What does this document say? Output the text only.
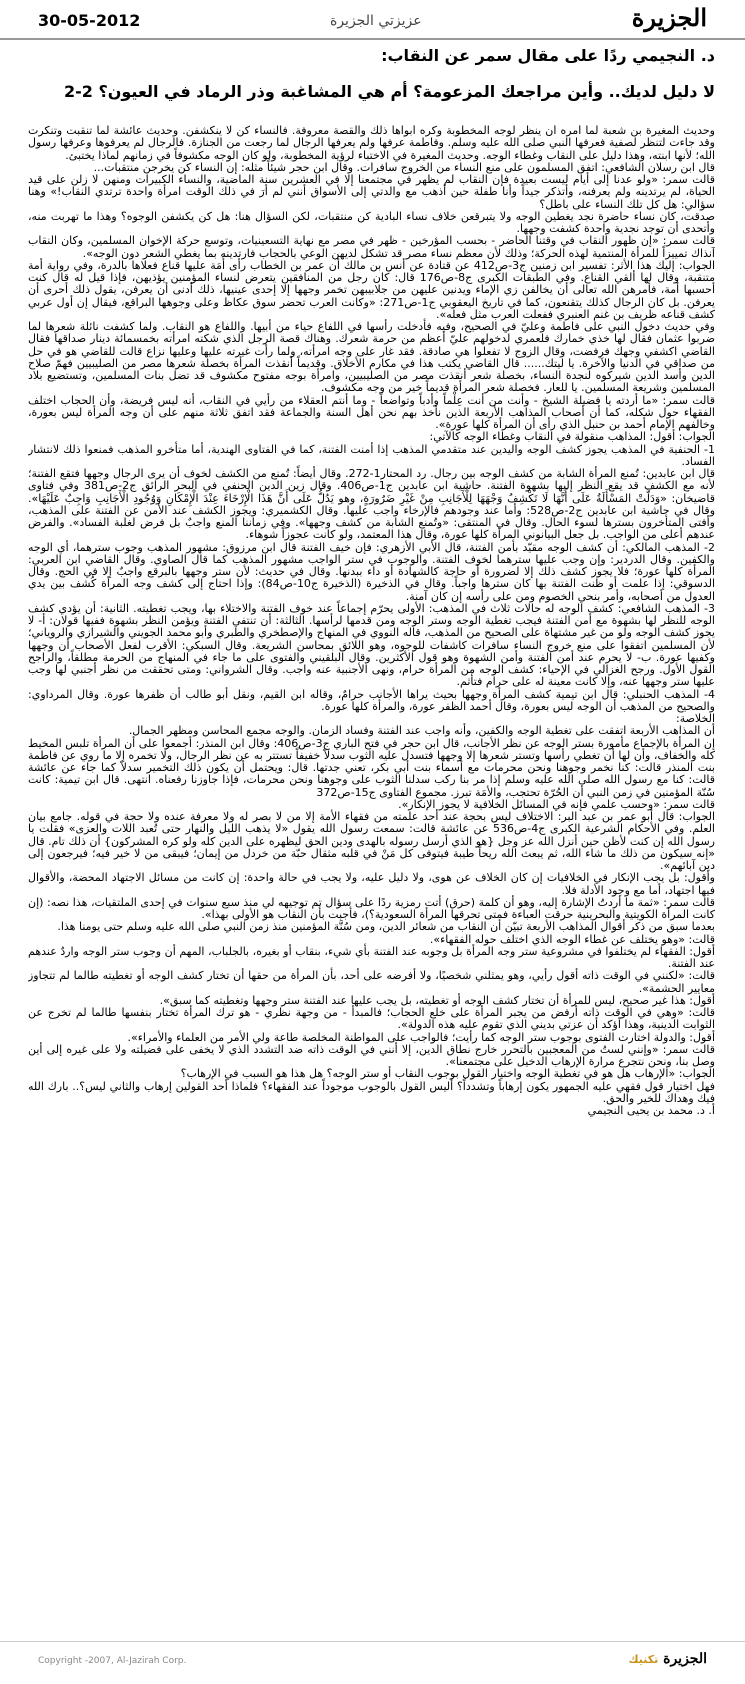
30-05-2012	عزيزتي الجزيرة	الجزيرة
د. النجيمي ردًا على مقال سمر عن النقاب:
لا دليل لديك.. وأين مراجعك المزعومة؟ أم هي المشاغبة وذر الرماد في العيون؟ 2-2

وحديث المغيرة بن شعبة لما أمره أن ينظر لوجه المخطوبة وكره أبواها ذلك والقصة معروفة. فالنساء كن لا ينكشفن. وحديث عائشة لما تنقبت وتنكرت وقد جاءت لتنظر لصفية فعرفها النبي صلى الله عليه وسلم. وفاطمة عرفها ولم يعرفها الرجال لما رجعت من الجنازة. فالرجال لم يعرفوها وعرفها رسول الله؛ لأنها ابنته، وهذا دليل على النقاب وغطاء الوجه. وحديث المغيرة في الاختباء لرؤية المخطوبة، ولو كان الوجه مكشوفاً في زمانهم لماذا يختبئ.

قال ابن رسلان الشافعي: اتفق المسلمون على منع النساء من الخروج سافرات. وقال ابن حجر شيئاً مثله: إن النساء كن يخرجن منتقبات...

قالت سمر: «ولو عدنا إلى أيام ليست بعيدة فإن النقاب لم يظهر في مجتمعنا إلا في العشرين سنة الماضية، والنساء الكبيرات ومنهن لا زلن على قيد الحياة، لم يرتدينه ولم يعرفنه، وأتذكر جيداً وأنا طفلة حين أذهب مع والدتي إلى الأسواق أنني لم أرَ في ذلك الوقت امرأة واحدة ترتدي النقاب!» وهنا سؤالي: هل كل تلك النساء على باطل؟

صدقت، كان نساء حاضرة نجد يغطين الوجه ولا يتبرقعن خلاف نساء البادية كن منتقبات، لكن السؤال هنا: هل كن يكشفن الوجوه؟ وهذا ما تهربت منه، وأتحدى أن توجد نجدية واحدة كشفت وجهها.

قالت سمر: «إن ظهور النقاب في وقتنا الحاضر - بحسب المؤرخين - ظهر في مصر مع نهاية التسعينيات، وتوسع حركة الإخوان المسلمين، وكان النقاب آنذاك تمييزاً للمرأة المنتمية لهذه الحركة؛ وذلك لأن معظم نساء مصر قد تشكل لديهن الوعي بالحجاب فارتدينه بما يغطي الشعر دون الوجه».

الجواب: إليك هذا الأثر: تفسير ابن زمنين ج3-ص412 عن قتادة عن أنس بن مالك أن عمر بن الخطاب رأى أَمَة عليها قناع فعلاها بالدرة، وفي رواية أمة متنقبة، وقال لها ألقي القناع. وفي الطبقات الكبرى ج8-ص176 قال: كان رجل من المنافقين يتعرض لنساء المؤمنين يؤذيهن، فإذا قيل له قال كنت أحسبها أمة، فأمرهن الله تعالى أن يخالفن زي الإماء ويدنين عليهن من جلابيبهن تخمر وجهها إلا إحدى عينيها، ذلك أدنى أن يعرفن، يقول ذلك أحرى أن يعرفن. بل كان الرجال كذلك يتقنعون، كما في تاريخ اليعقوبي ج1-ص271: «وكانت العرب تحضر سوق عكاظ وعلى وجوهها البراقع، فيقال إن أول عربي كشف قناعه ظريف بن غنم العنبري ففعلت العرب مثل فعله».

وفي حديث دخول النبي على فاطمة وعليّ في الصحيح، وفيه فأدخلت رأسها في اللفاع حياء من أبيها. واللفاع هو النقاب. ولما كشفت نائلة شعرها لما ضربوا عثمان فقال لها خذي خمارك فلعمري لدخولهم عليّ أعظم من حرمة شعرك. وهناك قصة الرجل الذي شكته امرأته بخمسمائة دينار صداقها فقال القاضي اكشفي وجهك فرفضت، وقال الزوج لا تفعلوا هي صادقة. فقد غار على وجه امرأته، ولما رأت غيرته عليها وعليها نزاع قالت للقاضي هو في حل من صداقي في الدنيا والآخرة. يا ليتك...... قال القاضي يكتب هذا في مكارم الأخلاق. وقديماً أنقذت المرأة بخصلة شعرها مصر من الصليبيين فهمّ صلاح الدين وأسد الدين شيركوه لنجدة النساء، بخصلة شعر أنقذت مصر من الصليبيين، وامرأة بوجه مفتوح مكشوف قد تضل بنات المسلمين، وتستضيع بلاد المسلمين وشريعة المسلمين. يا للعار. فخصلة شعر المرأة قديماً خير من وجه مكشوف.

قالت سمر: «ما أردته يا فضيلة الشيخ - وأنت من أنت عِلْماً وأدباً وتواضعاً - وما أنتم العقلاء من رأيي في النقاب، أنه ليس فريضة، وأن الحجاب اختلف الفقهاء حول شكله، كما أن أصحاب المذاهب الأربعة الذين نأخذ بهم نحن أهل السنة والجماعة فقد اتفق ثلاثة منهم على أن وجه المرأة ليس بعورة، وخالفهم الإمام أحمد بن حنبل الذي رأى أن المرأة كلها عورة».

الجواب: أقول: المذاهب منقولة في النقاب وغطاء الوجه كالآتي:

1- الحنفية في المذهب يجوز كشف الوجه واليدين عند متقدمي المذهب إذا أمنت الفتنة، كما في الفتاوى الهندية، أما متأخرو المذهب فمنعوا ذلك لانتشار الفساد.

قال ابن عابدين: تُمنع المرأة الشابة من كشف الوجه بين رجال. رد المحتار1-272. وقال أيضاً: تُمنع من الكشف لخوف أن يرى الرجال وجهها فتقع الفتنة؛ لأنه مع الكشف قد يقع النظر إليها بشهوة الفتنة. حاشية ابن عابدين ج1-ص406. وقال زين الدين الحنفي في البحر الرائق ج2-ص381 وفي فتاوى قاضيخان: «وَدَلَّتْ المَسْأَلَةُ عَلَى أَنَّهَا لَا تَكْشِفُ وَجْهَهَا لِلْأَجَانِبِ مِنْ غَيْرِ ضَرُورَةٍ، وهو يَدُلُّ عَلَى أَنَّ هَذَا الْإِرْخَاءَ عِنْدَ الْإِمْكَانِ وَوُجُودِ الْأَجَانِبِ وَاجِبٌ عَلَيْهَا». وقال في حاشية ابن عابدين ج2-ص528: وأما عند وجودهم فالإرخاء واجب عليها. وقال الكشميري: ويجوز الكشف عند الأمن عن الفتنة على المذهب، وأفتى المتأخرون بسترها لسوء الحال. وقال في المنتقى: «وتُمنع الشابة من كشف وجهها». وفي زماننا المنع واجبٌ بل فرض لغلبة الفساد». والفرض عندهم أعلى من الواجب. بل جعل البيانوني المرأة كلها عورة، وقال هذا المعتمد، ولو كانت عجوزاً شوهاء.

2- المذهب المالكي: أن كشف الوجه مقيّد بأمن الفتنة، قال الأبي الأزهري: فإن خيف الفتنة قال ابن مرزوق: مشهور المذهب وجوب سترهما، أي الوجه والكفين. وقال الدردير: وإن وجب عليها سترهما لخوف الفتنة. والوجوب في ستر الواجب مشهور المذهب كما قال الصاوي. وقال القاضي ابن العربي: المرأة كلها عورة؛ فلا يجوز كشف ذلك إلا لضرورة أو حاجة كالشهادة أو داء ببدنها. وقال في حديث: لأن ستر وجهها بالبرقع واجبٌ إلا في الحج. وقال الدسوقي: إذا علمت أو ظنت الفتنة بها كان سترها واجباً. وقال في الذخيرة (الذخيرة ج10-ص84): وإذا احتاج إلى كشف وجه المرأة كُشف بين يدي العدول من أصحابه، وأمر بنحي الخصوم ومن على رأسه إن كان آمنة.

3- المذهب الشافعي: كشف الوجه له حالات ثلاث في المذهب: الأولى يحرّم إجماعاً عند خوف الفتنة والاختلاء بها، ويجب تغطيته. الثانية: أن يؤدي كشف الوجه للنظر لها بشهوة مع أمن الفتنة فيجب تغطية الوجه وستر الوجه ومن قدمها لرأسها. الثالثة: أن تنتفي الفتنة ويؤمن النظر بشهوة ففيها قولان: أ- لا يجوز كشف الوجه ولو من غير مشتهاة على الصحيح من المذهب، قاله النووي في المنهاج والإصطخري والطبري وأبو محمد الجويني والشيرازي والروياني؛ لأن المسلمين اتفقوا على منع خروج النساء سافرات كاشفات للوجوه، وهو اللائق بمحاسن الشريعة. وقال السبكي: الأقرب لفعل الأصحاب أن وجهها وكفيها عورة. ب- لا يحرم عند أمن الفتنة وأمن الشهوة وهو قول الأكثرين. وقال البلقيني والفتوى على ما جاء في المنهاج من الحرمة مطلقاً، والراجح القول الأول. ورجح الغزالي في الإحياء: كشف الوجه من المرأة حرام، ونهى الأجنبية عنه واجب. وقال الشرواني: ومتى تحققت من نظر أجنبي لها وجب عليها ستر وجهها عنه، وإلا كانت معينة له على حرام فتأثم.

4- المذهب الحنبلي: قال ابن تيمية كشف المرأة وجهها بحيث يراها الأجانب حرامٌ، وقاله ابن القيم، ونقل أبو طالب أن ظفرها عورة. وقال المرداوي: والصحيح من المذهب أن الوجه ليس بعورة، وقال أحمد الظفر عورة، والمرأة كلها عورة.

الخلاصة:

أن المذاهب الأربعة اتفقت على تغطية الوجه والكفين، وأنه واجب عند الفتنة وفساد الزمان. والوجه مجمع المحاسن ومظهر الجمال.

إن المرأة بالإجماع مأمورة بستر الوجه عن نظر الأجانب، قال ابن حجر في فتح الباري ج3-ص406: وقال ابن المنذر: أجمعوا على أن المرأة تلبس المخيط كله والخفاف، وأن لها أن تغطي رأسها وتستر شعرها إلا وجهها فتسدل عليه الثوب سدلاً خفيفاً تستتر به عن نظر الرجال، ولا تخمره إلا ما روي عن فاطمة بنت المنذر قالت: كنا نخمر وجوهنا ونحن محرمات مع أسماء بنت أبي بكر، تعني جدتها. قال: ويحتمل أن يكون ذلك التخمير سدلاً كما جاء عن عائشة قالت: كنا مع رسول الله صلى الله عليه وسلم إذا مر بنا ركب سدلنا الثوب على وجوهنا ونحن محرمات، فإذا جاوزنا رفعناه. انتهى. قال ابن تيمية: كانت سُنّة المؤمنين في زمن النبي أن الحُرّة تحتجب، والأمَة تبرز. مجموع الفتاوى ج15-ص372

قالت سمر: «وحسب علمي فإنه في المسائل الخلافية لا يجوز الإنكار».

الجواب: قال أبو عمر بن عبد البر: الاختلاف ليس بحجة عند أحد علمته من فقهاء الأمة إلا من لا بصر له ولا معرفة عنده ولا حجة في قوله. جامع بيان العلم. وفي الأحكام الشرعية الكبرى ج4-ص536 عن عائشة قالت: سمعت رسول الله يقول «لا يذهب الليل والنهار حتى تُعبد اللات والعزى» فقلت يا رسول الله إن كنت لأظن حين أنزل الله عز وجل {هو الذي أرسل رسوله بالهدى ودين الحق ليظهره على الدين كله ولو كره المشركون} أن ذلك تام. قال «إنه سيكون من ذلك ما شاء الله، ثم يبعث الله ريحاً طيبة فيتوفى كل مَنْ في قلبه مثقال حبّة من خردل من إيمان؛ فيبقى من لا خير فيه؛ فيرجعون إلى دين آبائهم».

وأقول: بل يجب الإنكار في الخلافيات إن كان الخلاف عن هوى، ولا دليل عليه، ولا يجب في حالة واحدة: إن كانت من مسائل الاجتهاد المحضة، والأقوال فيها اجتهاد، أما مع وجود الأدلة فلا.

قالت سمر: «ثمة ما أردتُ الإشارة إليه، وهو أن كلمة (حرق) أتت رمزية ردًا على سؤال تم توجيهه لي منذ سبع سنوات في إحدى الملتقيات، هذا نصه: (إن كانت المرأة الكويتية والبحرينية حرقت العباءة فمتى تحرقها المرأة السعودية؟)، فأجبت بأن النقاب هو الأولى بهذا».

بعدما سبق من ذكر أقوال المذاهب الأربعة تبيّن أن النقاب من شعائر الدين، ومن سُنَّة المؤمنين منذ زمن النبي صلى الله عليه وسلم حتى يومنا هذا.

قالت: «وهو يختلف عن غطاء الوجه الذي اختلف حوله الفقهاء».

أقول: الفقهاء لم يختلفوا في مشروعية ستر وجه المرأة بل وجوبه عند الفتنة بأي شيء، بنقاب أو بغيره، بالجلباب، المهم أن وجوب ستر الوجه واردٌ عندهم عند الفتنة.

قالت: «لكنني في الوقت ذاته أقول رأيي، وهو يمثلني شخصيًا، ولا أفرضه على أحد، بأن المرأة من حقها أن تختار كشف الوجه أو تغطيته طالما لم تتجاوز معايير الحشمة».

أقول: هذا غير صحيح، ليس للمرأة أن تختار كشف الوجه أو تغطيته، بل يجب عليها عند الفتنة ستر وجهها وتغطيته كما سبق».

قالت: «وهي في الوقت ذاته أرفض من يجبر المرأة على خلع الحجاب؛ فالمبدأ - من وجهة نظري - هو ترك المرأة تختار بنفسها طالما لم تخرج عن الثوابت الدينية، وهذا أؤكد أن عزتي بديني الذي تقوم عليه هذه الدولة».

أقول: والدولة اختارت الفتوى بوجوب ستر الوجه كما رأيت؛ فالواجب على المواطنة المخلصة طاعة ولي الأمر من العلماء والأمراء».

قالت سمر: «وإنني لستُ من المعجبين بالتحرر خارج نطاق الدين، إلا أنني في الوقت ذاته ضد التشدد الذي لا يخفى على فضيلته ولا على غيره إلى أين وصل بنا، ونحن نتجرع مرارة الإرهاب الدخيل على مجتمعنا».

الجواب: «الإرهاب هل هو في تغطية الوجه واختيار القول بوجوب النقاب أو ستر الوجه؟ هل هذا هو السبب في الإرهاب؟

فهل اختيار قول فقهي عليه الجمهور يكون إرهاباً وتشدداً؟ أليس القول بالوجوب موجوداً عند الفقهاء؟ فلماذا أحد القولين إرهاب والثاني ليس؟.. بارك الله فيك وهداك للخير والحق.

أ. د. محمد بن يحيى النجيمي

Copyright -2007, Al-Jazirah Corp.	الجزيرة تكنيك
